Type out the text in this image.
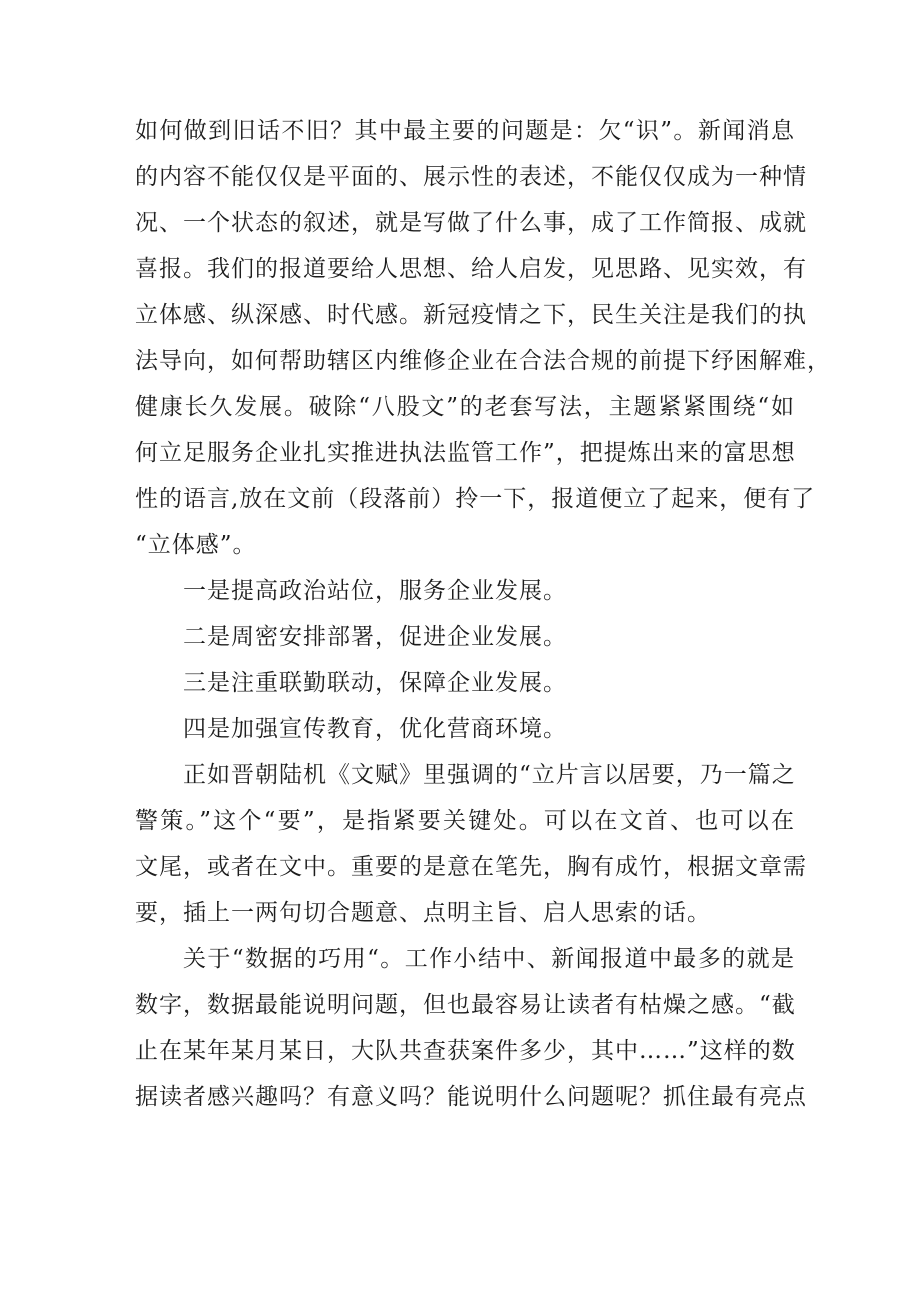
如何做到旧话不旧？其中最主要的问题是：欠“识”。新闻消息
的内容不能仅仅是平面的、展示性的表述，不能仅仅成为一种情
况、一个状态的叙述，就是写做了什么事，成了工作简报、成就
喜报。我们的报道要给人思想、给人启发，见思路、见实效，有
立体感、纵深感、时代感。新冠疫情之下，民生关注是我们的执
法导向，如何帮助辖区内维修企业在合法合规的前提下纾困解难，
健康长久发展。破除“八股文”的老套写法，主题紧紧围绕“如
何立足服务企业扎实推进执法监管工作”，把提炼出来的富思想
性的语言,放在文前（段落前）拎一下，报道便立了起来，便有了
“立体感”。
一是提高政治站位，服务企业发展。
二是周密安排部署，促进企业发展。
三是注重联勤联动，保障企业发展。
四是加强宣传教育，优化营商环境。
正如晋朝陆机《文赋》里强调的“立片言以居要，乃一篇之
警策。”这个“要”，是指紧要关键处。可以在文首、也可以在
文尾，或者在文中。重要的是意在笔先，胸有成竹，根据文章需
要，插上一两句切合题意、点明主旨、启人思索的话。
关于“数据的巧用“。工作小结中、新闻报道中最多的就是
数字，数据最能说明问题，但也最容易让读者有枯燥之感。“截
止在某年某月某日，大队共查获案件多少，其中……”这样的数
据读者感兴趣吗？有意义吗？能说明什么问题呢？抓住最有亮点
